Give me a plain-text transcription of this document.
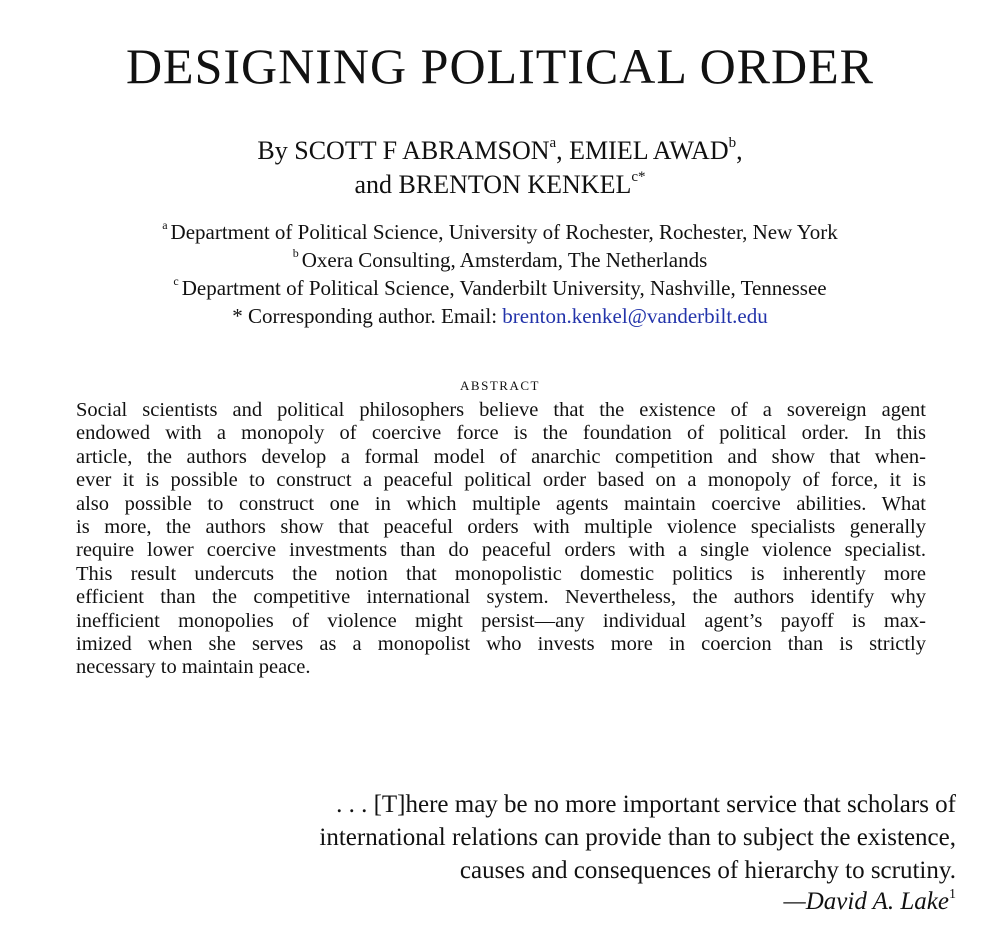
DESIGNING POLITICAL ORDER
By SCOTT F ABRAMSON$^a$, EMIEL AWAD$^b$,
and BRENTON $KENKEL^{c*}$
$^a$ Department of Political Science, University of Rochester, Rochester, New York
$^b$ Oxera Consulting, Amsterdam, The Netherlands
$^c$ Department of Political Science, Vanderbilt University, Nashville, Tennessee
* Corresponding author. Email: brenton.kenkel@vanderbilt.edu
abstract
Social scientists and political philosophers believe that the existence of a sovereign agent
endowed with a monopoly of coercive force is the foundation of political order. In this
article, the authors develop a formal model of anarchic competition and show that when-
ever it is possible to construct a peaceful political order based on a monopoly of force, it is
also possible to construct one in which multiple agents maintain coercive abilities. What
is more, the authors show that peaceful orders with multiple violence specialists generally
require lower coercive investments than do peaceful orders with a single violence specialist.
This result undercuts the notion that monopolistic domestic politics is inherently more
efficient than the competitive international system. Nevertheless, the authors identify why
inefficient monopolies of violence might persist—any individual agent’s payoff is max-
imized when she serves as a monopolist who invests more in coercion than is strictly
necessary to maintain peace.
. . . [T]here may be no more important service that scholars of
international relations can provide than to subject the existence,
causes and consequences of hierarchy to scrutiny.
—David A. Lake$^1$
